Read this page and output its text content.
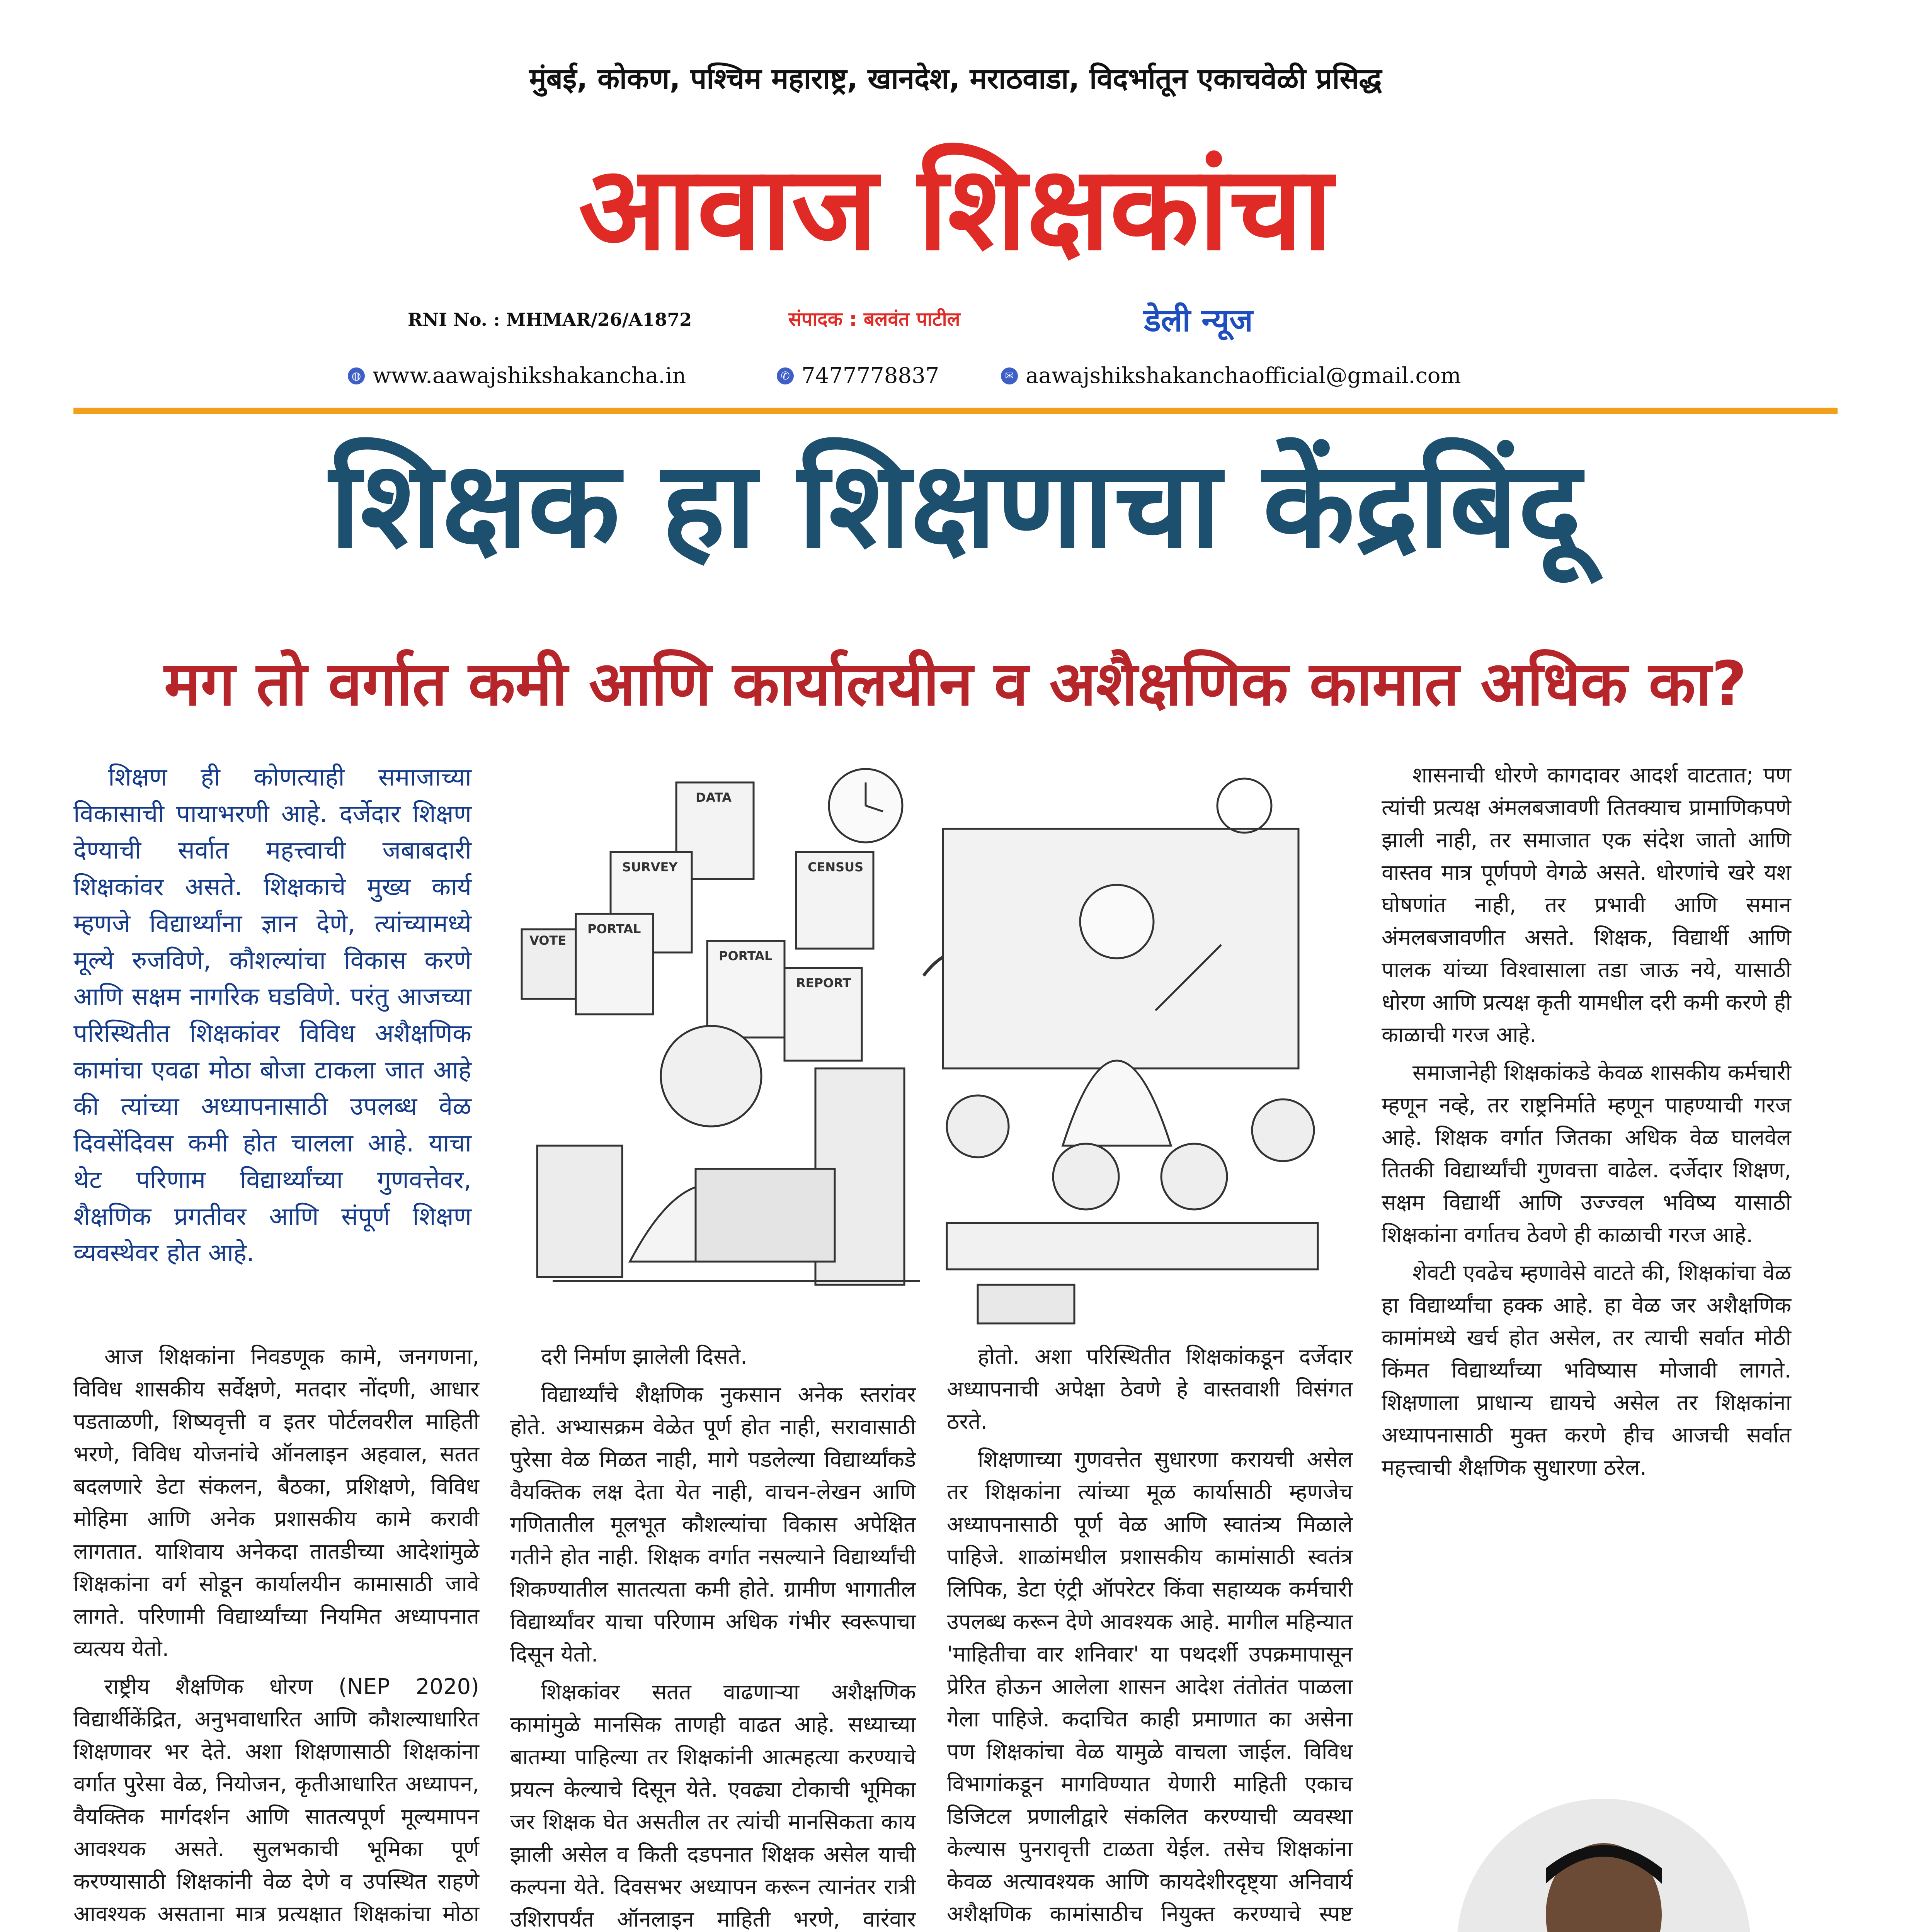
मुंबई, कोकण, पश्चिम महाराष्ट्र, खानदेश, मराठवाडा, विदर्भातून एकाचवेळी प्रसिद्ध
आवाज शिक्षकांचा
RNI No. : MHMAR/26/A1872	संपादक : बलवंत पाटील	डेली न्यूज
◍ www.aawajshikshakancha.in	✆ 7477778837	✉ aawajshikshakanchaofficial@gmail.com
शिक्षक हा शिक्षणाचा केंद्रबिंदू
मग तो वर्गात कमी आणि कार्यालयीन व अशैक्षणिक कामात अधिक का?

शिक्षण ही कोणत्याही समाजाच्या विकासाची पायाभरणी आहे. दर्जेदार शिक्षण देण्याची सर्वात महत्त्वाची जबाबदारी शिक्षकांवर असते. शिक्षकाचे मुख्य कार्य म्हणजे विद्यार्थ्यांना ज्ञान देणे, त्यांच्यामध्ये मूल्ये रुजविणे, कौशल्यांचा विकास करणे आणि सक्षम नागरिक घडविणे. परंतु आजच्या परिस्थितीत शिक्षकांवर विविध अशैक्षणिक कामांचा एवढा मोठा बोजा टाकला जात आहे की त्यांच्या अध्यापनासाठी उपलब्ध वेळ दिवसेंदिवस कमी होत चालला आहे. याचा थेट परिणाम विद्यार्थ्यांच्या गुणवत्तेवर, शैक्षणिक प्रगतीवर आणि संपूर्ण शिक्षण व्यवस्थेवर होत आहे.

DATA
SURVEY	CENSUS
VOTE
PORTAL
PORTAL
REPORT

आज शिक्षकांना निवडणूक कामे, जनगणना, विविध शासकीय सर्वेक्षणे, मतदार नोंदणी, आधार पडताळणी, शिष्यवृत्ती व इतर पोर्टलवरील माहिती भरणे, विविध योजनांचे ऑनलाइन अहवाल, सतत बदलणारे डेटा संकलन, बैठका, प्रशिक्षणे, विविध मोहिमा आणि अनेक प्रशासकीय कामे करावी लागतात. याशिवाय अनेकदा तातडीच्या आदेशांमुळे शिक्षकांना वर्ग सोडून कार्यालयीन कामासाठी जावे लागते. परिणामी विद्यार्थ्यांच्या नियमित अध्यापनात व्यत्यय येतो.

राष्ट्रीय शैक्षणिक धोरण (NEP 2020) विद्यार्थीकेंद्रित, अनुभवाधारित आणि कौशल्याधारित शिक्षणावर भर देते. अशा शिक्षणासाठी शिक्षकांना वर्गात पुरेसा वेळ, नियोजन, कृतीआधारित अध्यापन, वैयक्तिक मार्गदर्शन आणि सातत्यपूर्ण मूल्यमापन आवश्यक असते. सुलभकाची भूमिका पूर्ण करण्यासाठी शिक्षकांनी वेळ देणे व उपस्थित राहणे आवश्यक असताना मात्र प्रत्यक्षात शिक्षकांचा मोठा

दरी निर्माण झालेली दिसते.

विद्यार्थ्यांचे शैक्षणिक नुकसान अनेक स्तरांवर होते. अभ्यासक्रम वेळेत पूर्ण होत नाही, सरावासाठी पुरेसा वेळ मिळत नाही, मागे पडलेल्या विद्यार्थ्यांकडे वैयक्तिक लक्ष देता येत नाही, वाचन-लेखन आणि गणितातील मूलभूत कौशल्यांचा विकास अपेक्षित गतीने होत नाही. शिक्षक वर्गात नसल्याने विद्यार्थ्यांची शिकण्यातील सातत्यता कमी होते. ग्रामीण भागातील विद्यार्थ्यांवर याचा परिणाम अधिक गंभीर स्वरूपाचा दिसून येतो.

शिक्षकांवर सतत वाढणाऱ्या अशैक्षणिक कामांमुळे मानसिक ताणही वाढत आहे. सध्याच्या बातम्या पाहिल्या तर शिक्षकांनी आत्महत्या करण्याचे प्रयत्न केल्याचे दिसून येते. एवढ्या टोकाची भूमिका जर शिक्षक घेत असतील तर त्यांची मानसिकता काय झाली असेल व किती दडपनात शिक्षक असेल याची कल्पना येते. दिवसभर अध्यापन करून त्यानंतर रात्री उशिरापर्यंत ऑनलाइन माहिती भरणे, वारंवार

होतो. अशा परिस्थितीत शिक्षकांकडून दर्जेदार अध्यापनाची अपेक्षा ठेवणे हे वास्तवाशी विसंगत ठरते.

शिक्षणाच्या गुणवत्तेत सुधारणा करायची असेल तर शिक्षकांना त्यांच्या मूळ कार्यासाठी म्हणजेच अध्यापनासाठी पूर्ण वेळ आणि स्वातंत्र्य मिळाले पाहिजे. शाळांमधील प्रशासकीय कामांसाठी स्वतंत्र लिपिक, डेटा एंट्री ऑपरेटर किंवा सहाय्यक कर्मचारी उपलब्ध करून देणे आवश्यक आहे. मागील महिन्यात 'माहितीचा वार शनिवार' या पथदर्शी उपक्रमापासून प्रेरित होऊन आलेला शासन आदेश तंतोतंत पाळला गेला पाहिजे. कदाचित काही प्रमाणात का असेना पण शिक्षकांचा वेळ यामुळे वाचला जाईल. विविध विभागांकडून मागविण्यात येणारी माहिती एकाच डिजिटल प्रणालीद्वारे संकलित करण्याची व्यवस्था केल्यास पुनरावृत्ती टाळता येईल. तसेच शिक्षकांना केवळ अत्यावश्यक आणि कायदेशीरदृष्ट्या अनिवार्य अशैक्षणिक कामांसाठीच नियुक्त करण्याचे स्पष्ट

शासनाची धोरणे कागदावर आदर्श वाटतात; पण त्यांची प्रत्यक्ष अंमलबजावणी तितक्याच प्रामाणिकपणे झाली नाही, तर समाजात एक संदेश जातो आणि वास्तव मात्र पूर्णपणे वेगळे असते. धोरणांचे खरे यश घोषणांत नाही, तर प्रभावी आणि समान अंमलबजावणीत असते. शिक्षक, विद्यार्थी आणि पालक यांच्या विश्वासाला तडा जाऊ नये, यासाठी धोरण आणि प्रत्यक्ष कृती यामधील दरी कमी करणे ही काळाची गरज आहे.

समाजानेही शिक्षकांकडे केवळ शासकीय कर्मचारी म्हणून नव्हे, तर राष्ट्रनिर्माते म्हणून पाहण्याची गरज आहे. शिक्षक वर्गात जितका अधिक वेळ घालवेल तितकी विद्यार्थ्यांची गुणवत्ता वाढेल. दर्जेदार शिक्षण, सक्षम विद्यार्थी आणि उज्ज्वल भविष्य यासाठी शिक्षकांना वर्गातच ठेवणे ही काळाची गरज आहे.

शेवटी एवढेच म्हणावेसे वाटते की, शिक्षकांचा वेळ हा विद्यार्थ्यांचा हक्क आहे. हा वेळ जर अशैक्षणिक कामांमध्ये खर्च होत असेल, तर त्याची सर्वात मोठी किंमत विद्यार्थ्यांच्या भविष्यास मोजावी लागते. शिक्षणाला प्राधान्य द्यायचे असेल तर शिक्षकांना अध्यापनासाठी मुक्त करणे हीच आजची सर्वात महत्त्वाची शैक्षणिक सुधारणा ठरेल.
